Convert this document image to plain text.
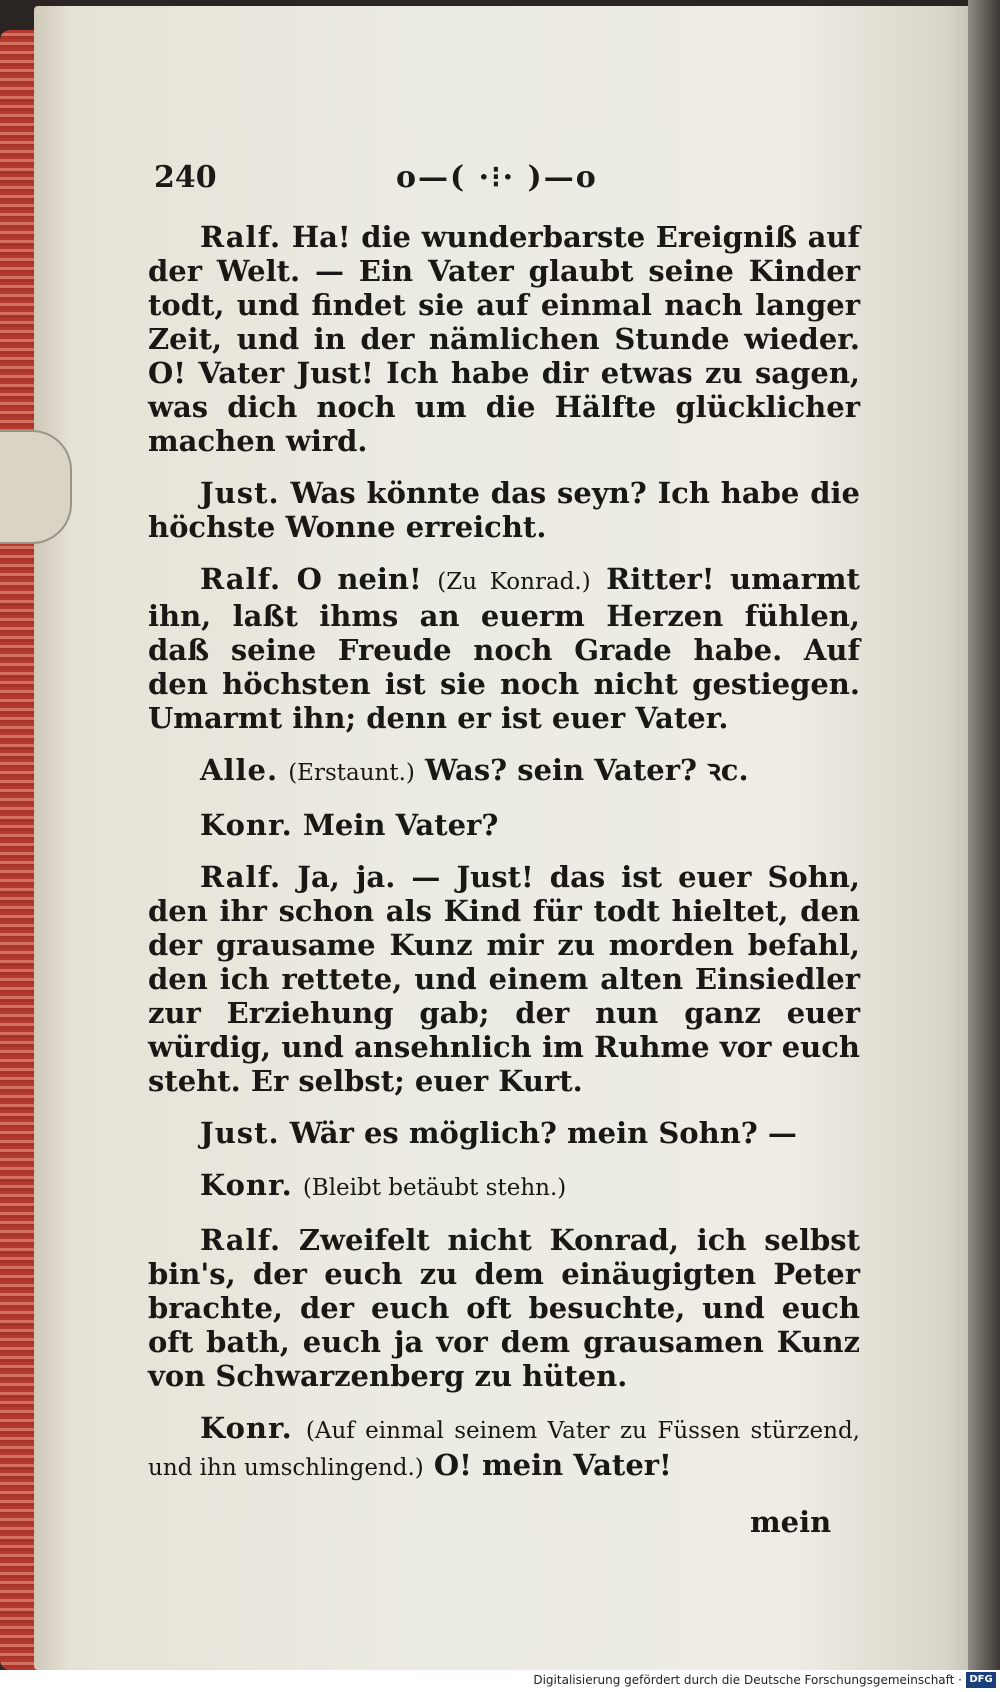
240	o—( ·⁝· )—o

Ralf. Ha! die wunderbarste Ereigniß auf der Welt. — Ein Vater glaubt seine Kinder todt, und findet sie auf einmal nach langer Zeit, und in der nämlichen Stunde wieder. O! Vater Just! Ich habe dir etwas zu sagen, was dich noch um die Hälfte glücklicher machen wird.

Just. Was könnte das seyn? Ich habe die höchste Wonne erreicht.

Ralf. O nein! (Zu Konrad.) Ritter! umarmt ihn, laßt ihms an euerm Herzen fühlen, daß seine Freude noch Grade habe. Auf den höchsten ist sie noch nicht gestiegen. Umarmt ihn; denn er ist euer Vater.

Alle. (Erstaunt.) Was? sein Vater? ꝛc.

Konr. Mein Vater?

Ralf. Ja, ja. — Just! das ist euer Sohn, den ihr schon als Kind für todt hieltet, den der grausame Kunz mir zu morden befahl, den ich rettete, und einem alten Einsiedler zur Erziehung gab; der nun ganz euer würdig, und ansehnlich im Ruhme vor euch steht. Er selbst; euer Kurt.

Just. Wär es möglich? mein Sohn? —

Konr. (Bleibt betäubt stehn.)

Ralf. Zweifelt nicht Konrad, ich selbst bin's, der euch zu dem einäugigten Peter brachte, der euch oft besuchte, und euch oft bath, euch ja vor dem grausamen Kunz von Schwarzenberg zu hüten.

Konr. (Auf einmal seinem Vater zu Füssen stürzend, und ihn umschlingend.) O! mein Vater!

mein
Digitalisierung gefördert durch die Deutsche Forschungsgemeinschaft · DFG
